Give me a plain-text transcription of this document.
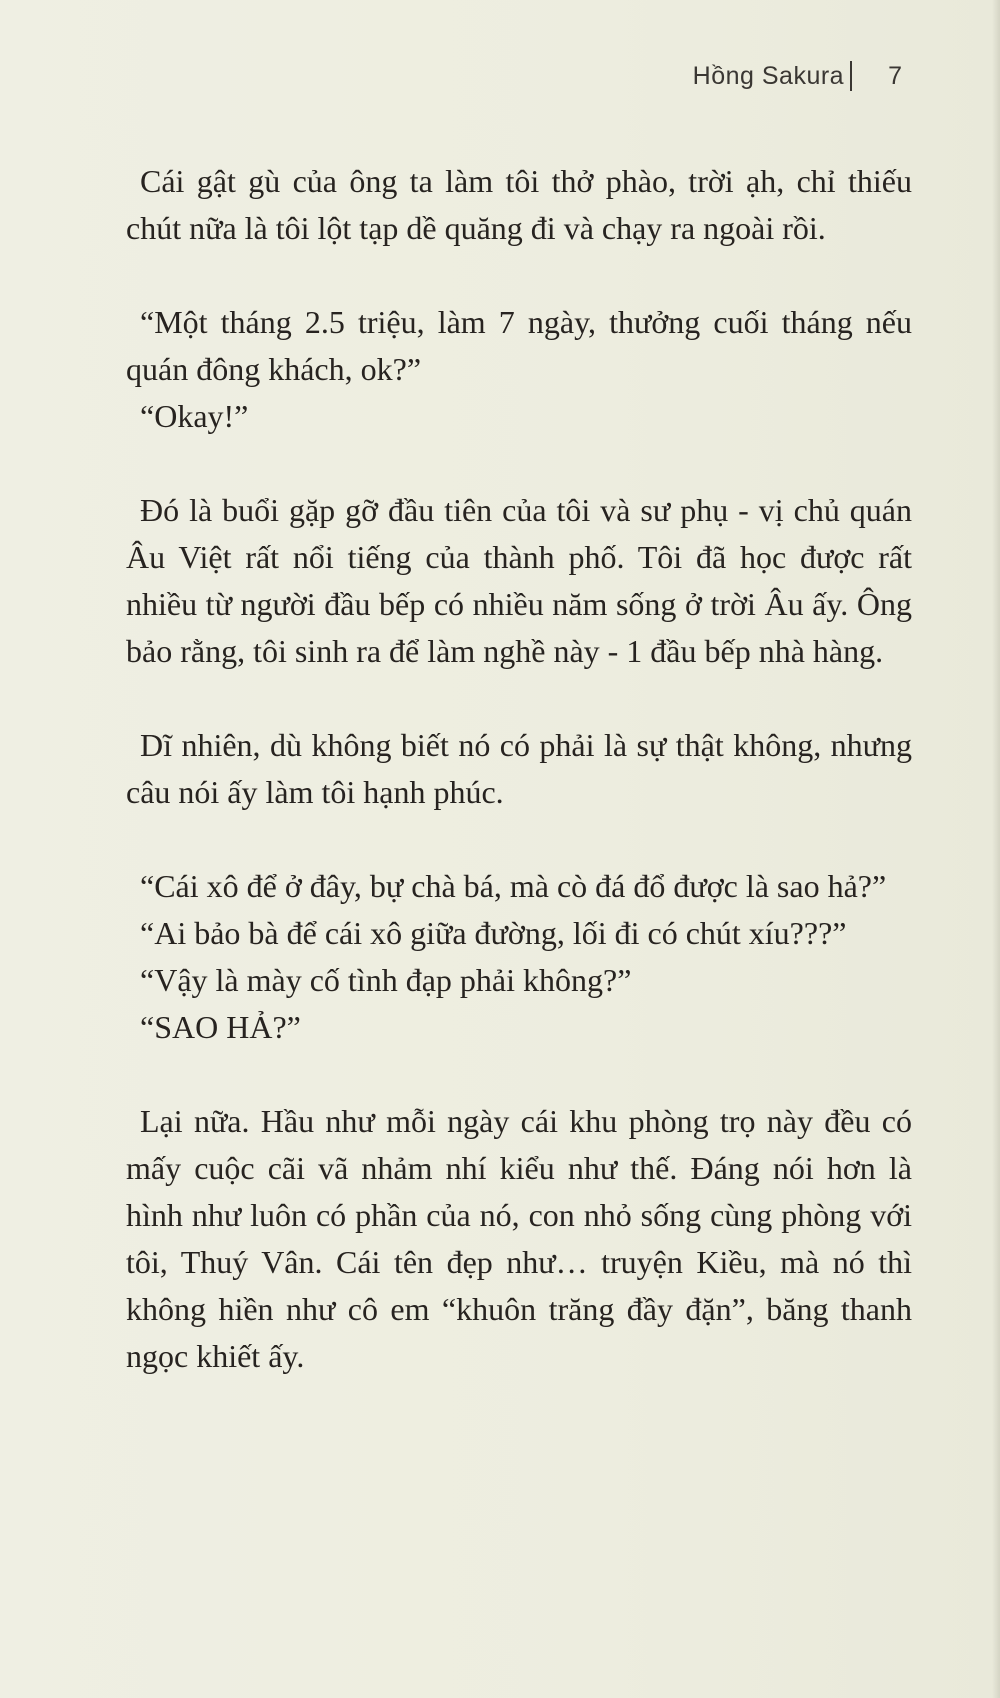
Hồng Sakura 7

Cái gật gù của ông ta làm tôi thở phào, trời ạh, chỉ thiếu chút nữa là tôi lột tạp dề quăng đi và chạy ra ngoài rồi.

“Một tháng 2.5 triệu, làm 7 ngày, thưởng cuối tháng nếu quán đông khách, ok?”

“Okay!”

Đó là buổi gặp gỡ đầu tiên của tôi và sư phụ - vị chủ quán Âu Việt rất nổi tiếng của thành phố. Tôi đã học được rất nhiều từ người đầu bếp có nhiều năm sống ở trời Âu ấy. Ông bảo rằng, tôi sinh ra để làm nghề này - 1 đầu bếp nhà hàng.

Dĩ nhiên, dù không biết nó có phải là sự thật không, nhưng câu nói ấy làm tôi hạnh phúc.

“Cái xô để ở đây, bự chà bá, mà cò đá đổ được là sao hả?”

“Ai bảo bà để cái xô giữa đường, lối đi có chút xíu???”

“Vậy là mày cố tình đạp phải không?”

“SAO HẢ?”

Lại nữa. Hầu như mỗi ngày cái khu phòng trọ này đều có mấy cuộc cãi vã nhảm nhí kiểu như thế. Đáng nói hơn là hình như luôn có phần của nó, con nhỏ sống cùng phòng với tôi, Thuý Vân. Cái tên đẹp như… truyện Kiều, mà nó thì không hiền như cô em “khuôn trăng đầy đặn”, băng thanh ngọc khiết ấy.
